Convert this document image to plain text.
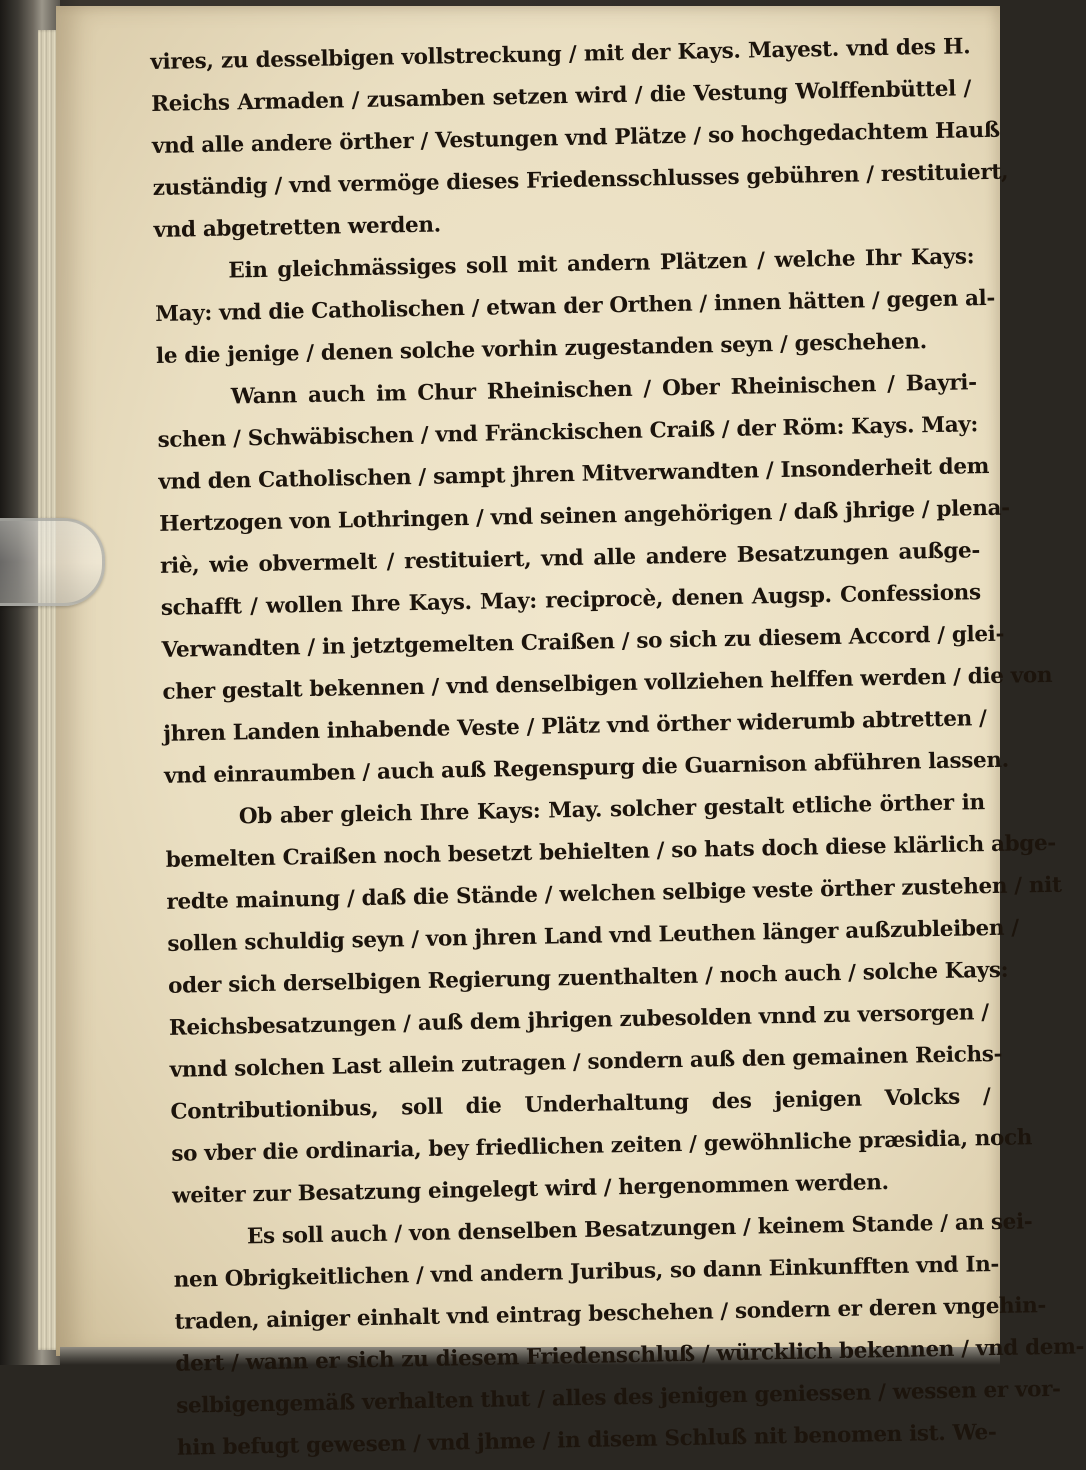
vires, zu desselbigen vollstreckung / mit der Kays. Mayest. vnd des H.
Reichs Armaden / zusamben setzen wird / die Vestung Wolffenbüttel /
vnd alle andere örther / Vestungen vnd Plätze / so hochgedachtem Hauß
zuständig / vnd vermöge dieses Friedensschlusses gebühren / restituiert,
vnd abgetretten werden.
Ein gleichmässiges soll mit andern Plätzen / welche Ihr Kays:
May: vnd die Catholischen / etwan der Orthen / innen hätten / gegen al-
le die jenige / denen solche vorhin zugestanden seyn / geschehen.
Wann auch im Chur Rheinischen / Ober Rheinischen / Bayri-
schen / Schwäbischen / vnd Fränckischen Craiß / der Röm: Kays. May:
vnd den Catholischen / sampt jhren Mitverwandten / Insonderheit dem
Hertzogen von Lothringen / vnd seinen angehörigen / daß jhrige / plena-
riè, wie obvermelt / restituiert, vnd alle andere Besatzungen außge-
schafft / wollen Ihre Kays. May: reciprocè, denen Augsp. Confessions
Verwandten / in jetztgemelten Craißen / so sich zu diesem Accord / glei-
cher gestalt bekennen / vnd denselbigen vollziehen helffen werden / die von
jhren Landen inhabende Veste / Plätz vnd örther widerumb abtretten /
vnd einraumben / auch auß Regenspurg die Guarnison abführen lassen.
Ob aber gleich Ihre Kays: May. solcher gestalt etliche örther in
bemelten Craißen noch besetzt behielten / so hats doch diese klärlich abge-
redte mainung / daß die Stände / welchen selbige veste örther zustehen / nit
sollen schuldig seyn / von jhren Land vnd Leuthen länger außzubleiben /
oder sich derselbigen Regierung zuenthalten / noch auch / solche Kays:
Reichsbesatzungen / auß dem jhrigen zubesolden vnnd zu versorgen /
vnnd solchen Last allein zutragen / sondern auß den gemainen Reichs-
Contributionibus, soll die Underhaltung des jenigen Volcks /
so vber die ordinaria, bey friedlichen zeiten / gewöhnliche præsidia, noch
weiter zur Besatzung eingelegt wird / hergenommen werden.
Es soll auch / von denselben Besatzungen / keinem Stande / an sei-
nen Obrigkeitlichen / vnd andern Juribus, so dann Einkunfften vnd In-
traden, ainiger einhalt vnd eintrag beschehen / sondern er deren vngehin-
dert / wann er sich zu diesem Friedenschluß / würcklich bekennen / vnd dem-
selbigengemäß verhalten thut / alles des jenigen geniessen / wessen er vor-
hin befugt gewesen / vnd jhme / in disem Schluß nit benomen ist. We-
